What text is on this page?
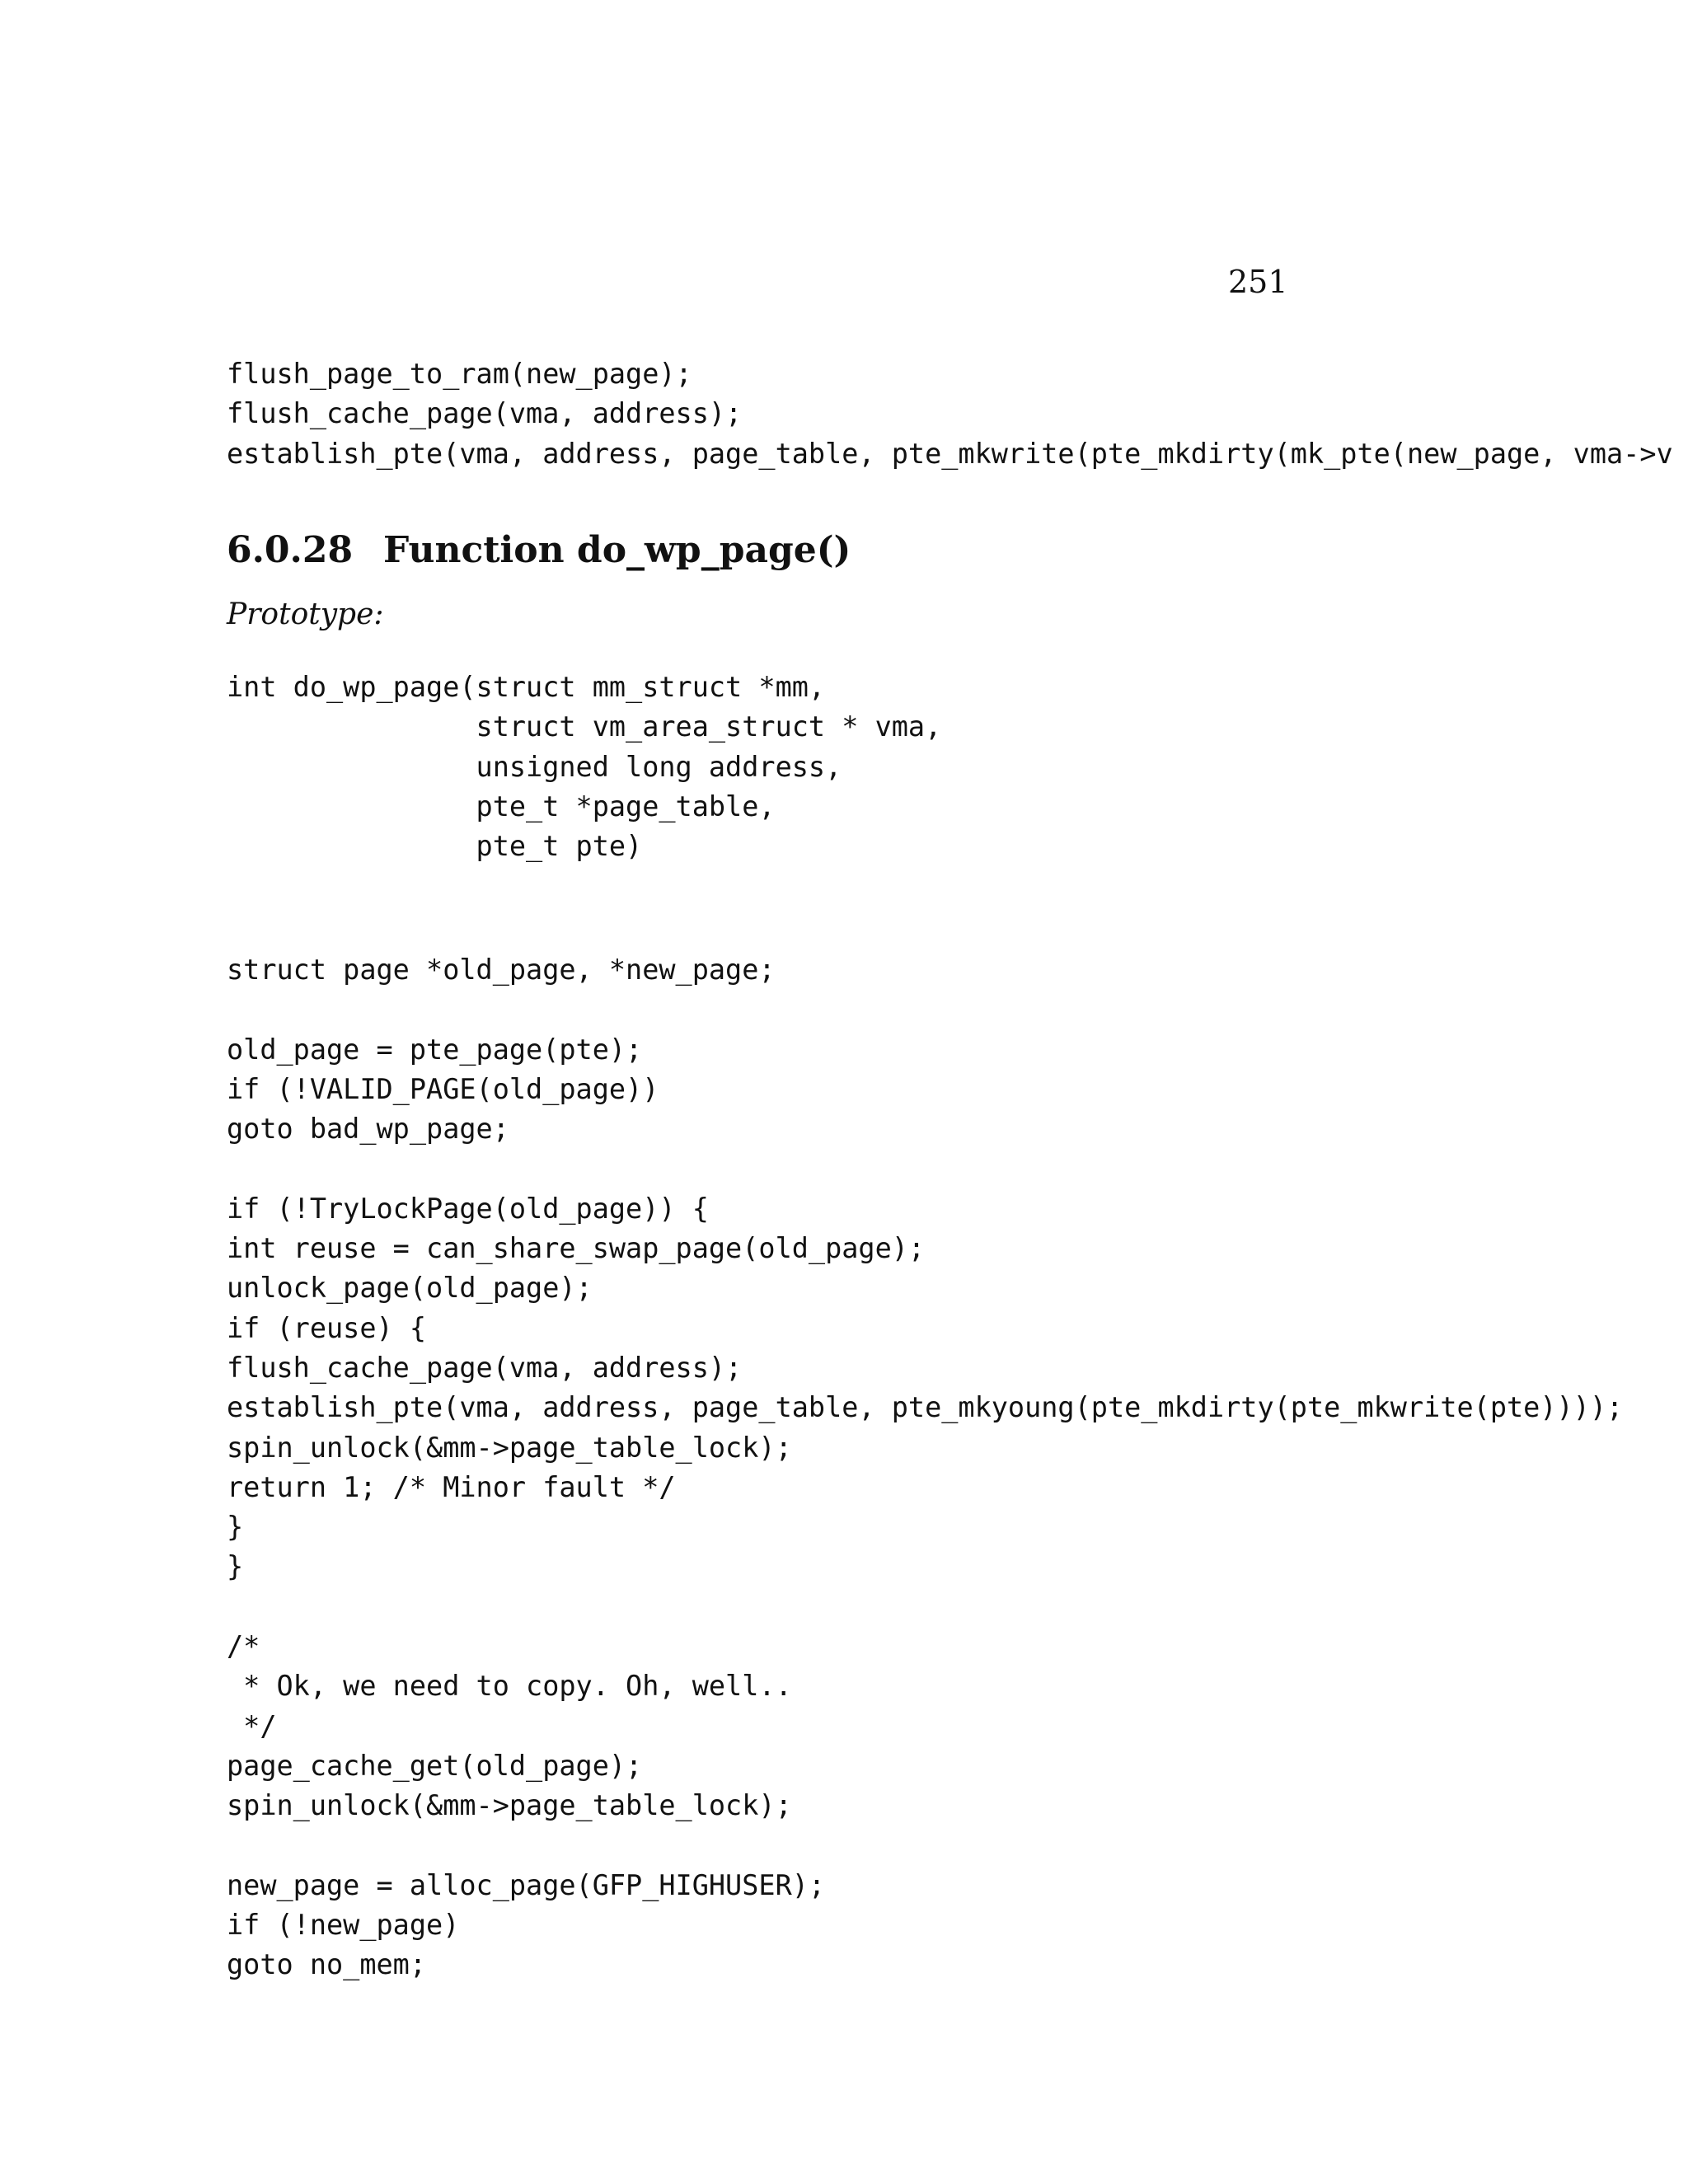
251
flush_page_to_ram(new_page);
flush_cache_page(vma, address);
establish_pte(vma, address, page_table, pte_mkwrite(pte_mkdirty(mk_pte(new_page, vma->v
6.0.28 Function do_wp_page()
Prototype:
int do_wp_page(struct mm_struct *mm,
struct vm_area_struct * vma,
unsigned long address,
pte_t *page_table,
pte_t pte)
struct page *old_page, *new_page;
old_page = pte_page(pte);
if (!VALID_PAGE(old_page))
goto bad_wp_page;
if (!TryLockPage(old_page)) {
int reuse = can_share_swap_page(old_page);
unlock_page(old_page);
if (reuse) {
flush_cache_page(vma, address);
establish_pte(vma, address, page_table, pte_mkyoung(pte_mkdirty(pte_mkwrite(pte))));
spin_unlock(&mm->page_table_lock);
return 1; /* Minor fault */
}
}
/*
* Ok, we need to copy. Oh, well..
*/
page_cache_get(old_page);
spin_unlock(&mm->page_table_lock);
new_page = alloc_page(GFP_HIGHUSER);
if (!new_page)
goto no_mem;
